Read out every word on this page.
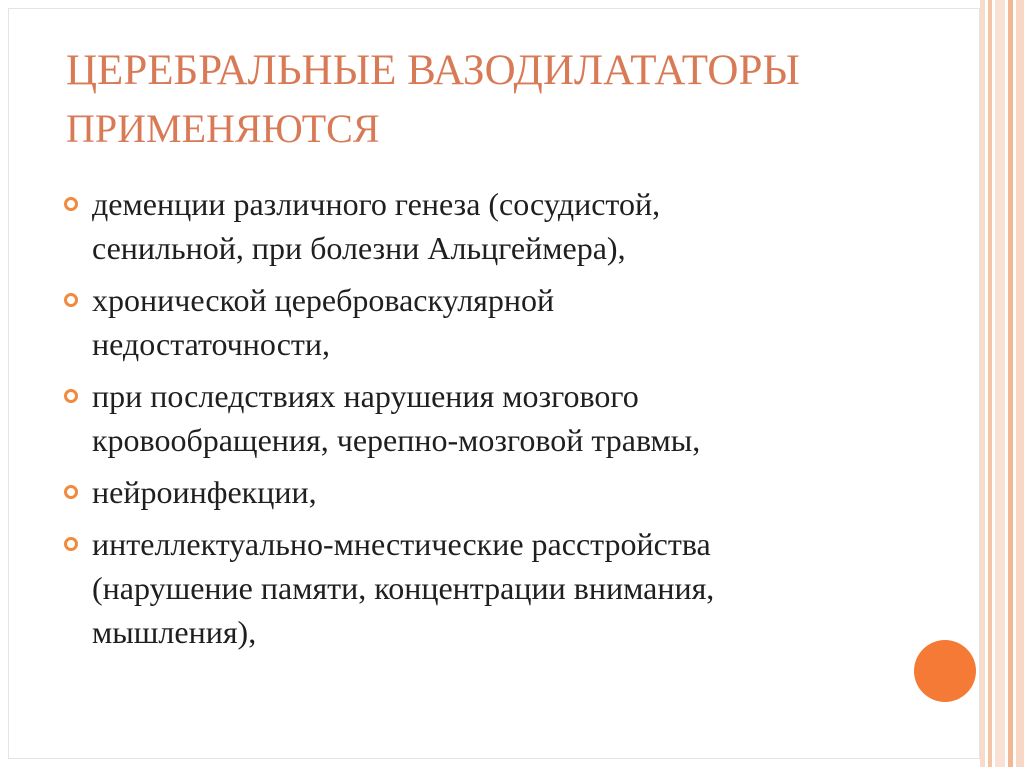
ЦЕРЕБРАЛЬНЫЕ ВАЗОДИЛАТАТОРЫ
ПРИМЕНЯЮТСЯ
деменции различного генеза (сосудистой,
сенильной, при болезни Альцгеймера),
хронической цереброваскулярной
недостаточности,
при последствиях нарушения мозгового
кровообращения, черепно-мозговой травмы,
нейроинфекции,
интеллектуально-мнестические расстройства
(нарушение памяти, концентрации внимания,
мышления),
